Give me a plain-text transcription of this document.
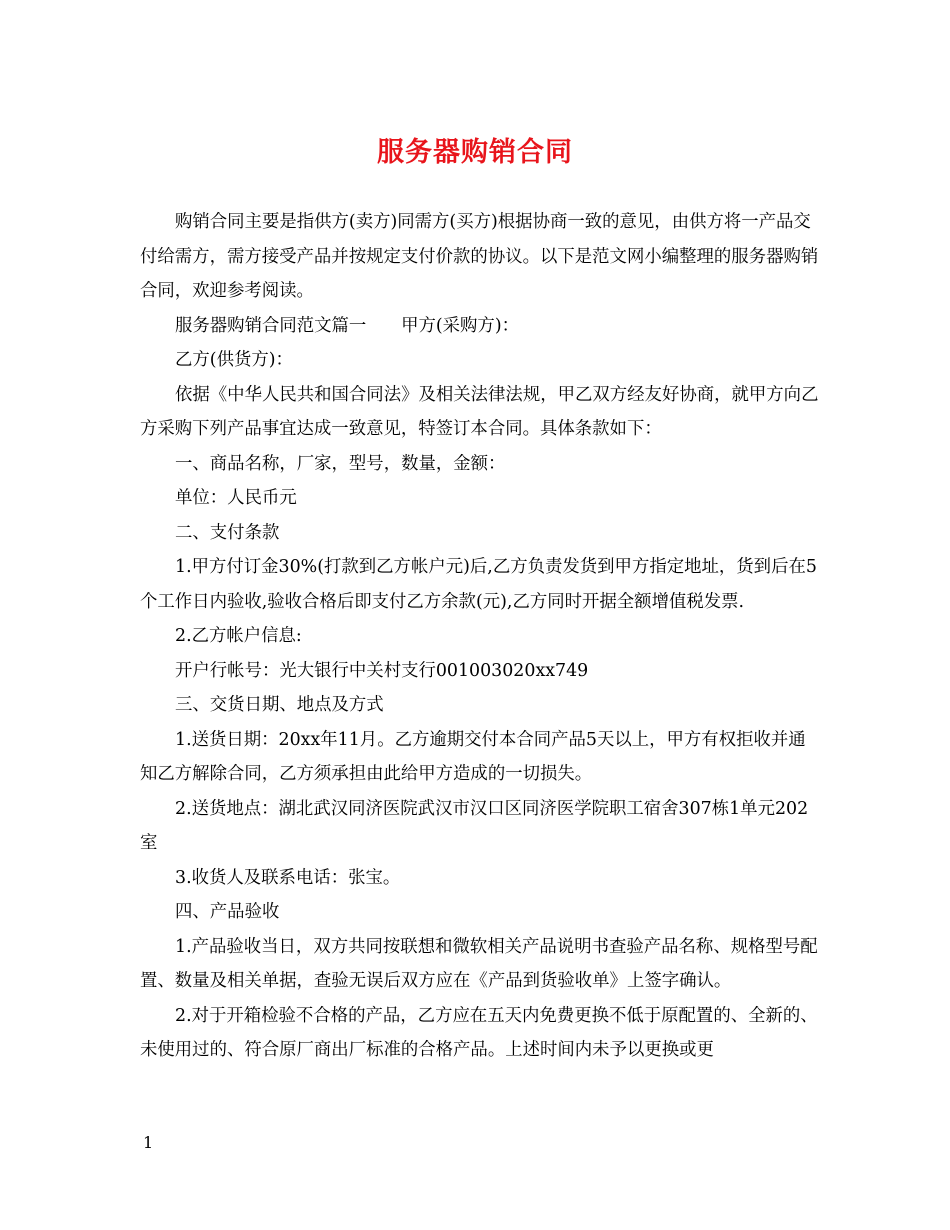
服务器购销合同

购销合同主要是指供方(卖方)同需方(买方)根据协商一致的意见，由供方将一产品交付给需方，需方接受产品并按规定支付价款的协议。以下是范文网小编整理的服务器购销合同，欢迎参考阅读。

服务器购销合同范文篇一　　甲方(采购方)：

乙方(供货方)：

依据《中华人民共和国合同法》及相关法律法规，甲乙双方经友好协商，就甲方向乙方采购下列产品事宜达成一致意见，特签订本合同。具体条款如下：

一、商品名称，厂家，型号，数量，金额：

单位：人民币元

二、支付条款

1.甲方付订金30%(打款到乙方帐户元)后,乙方负责发货到甲方指定地址，货到后在5个工作日内验收,验收合格后即支付乙方余款(元),乙方同时开据全额增值税发票.

2.乙方帐户信息:

开户行帐号：光大银行中关村支行001003020xx749

三、交货日期、地点及方式

1.送货日期：20xx年11月。乙方逾期交付本合同产品5天以上，甲方有权拒收并通知乙方解除合同，乙方须承担由此给甲方造成的一切损失。

2.送货地点：湖北武汉同济医院武汉市汉口区同济医学院职工宿舍307栋1单元202室

3.收货人及联系电话：张宝。

四、产品验收

1.产品验收当日，双方共同按联想和微软相关产品说明书查验产品名称、规格型号配置、数量及相关单据，查验无误后双方应在《产品到货验收单》上签字确认。

2.对于开箱检验不合格的产品，乙方应在五天内免费更换不低于原配置的、全新的、未使用过的、符合原厂商出厂标准的合格产品。上述时间内未予以更换或更

1
